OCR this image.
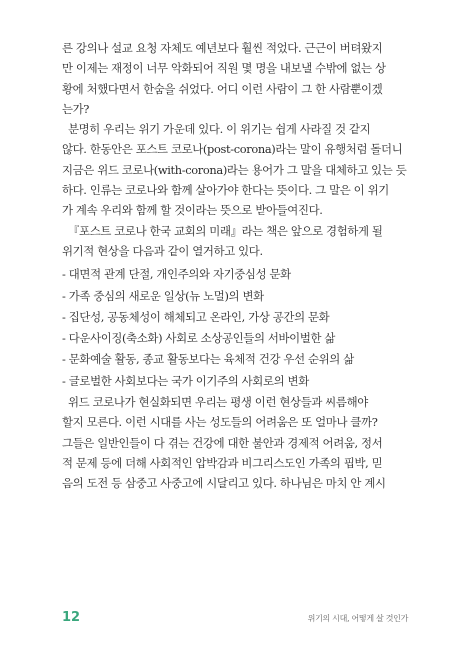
른 강의나 설교 요청 자체도 예년보다 훨씬 적었다. 근근이 버텨왔지
만 이제는 재정이 너무 악화되어 직원 몇 명을 내보낼 수밖에 없는 상
황에 처했다면서 한숨을 쉬었다. 어디 이런 사람이 그 한 사람뿐이겠
는가?
분명히 우리는 위기 가운데 있다. 이 위기는 쉽게 사라질 것 같지
않다. 한동안은 포스트 코로나(post-corona)라는 말이 유행처럼 돌더니
지금은 위드 코로나(with-corona)라는 용어가 그 말을 대체하고 있는 듯
하다. 인류는 코로나와 함께 살아가야 한다는 뜻이다. 그 말은 이 위기
가 계속 우리와 함께 할 것이라는 뜻으로 받아들여진다.
『포스트 코로나 한국 교회의 미래』라는 책은 앞으로 경험하게 될
위기적 현상을 다음과 같이 열거하고 있다.
- 대면적 관계 단절, 개인주의와 자기중심성 문화
- 가족 중심의 새로운 일상(뉴 노멀)의 변화
- 집단성, 공동체성이 해체되고 온라인, 가상 공간의 문화
- 다운사이징(축소화) 사회로 소상공인들의 서바이벌한 삶
- 문화예술 활동, 종교 활동보다는 육체적 건강 우선 순위의 삶
- 글로벌한 사회보다는 국가 이기주의 사회로의 변화
위드 코로나가 현실화되면 우리는 평생 이런 현상들과 씨름해야
할지 모른다. 이런 시대를 사는 성도들의 어려움은 또 얼마나 클까?
그들은 일반인들이 다 겪는 건강에 대한 불안과 경제적 어려움, 정서
적 문제 등에 더해 사회적인 압박감과 비그리스도인 가족의 핍박, 믿
음의 도전 등 삼중고 사중고에 시달리고 있다. 하나님은 마치 안 계시
12	위기의 시대, 어떻게 살 것인가
